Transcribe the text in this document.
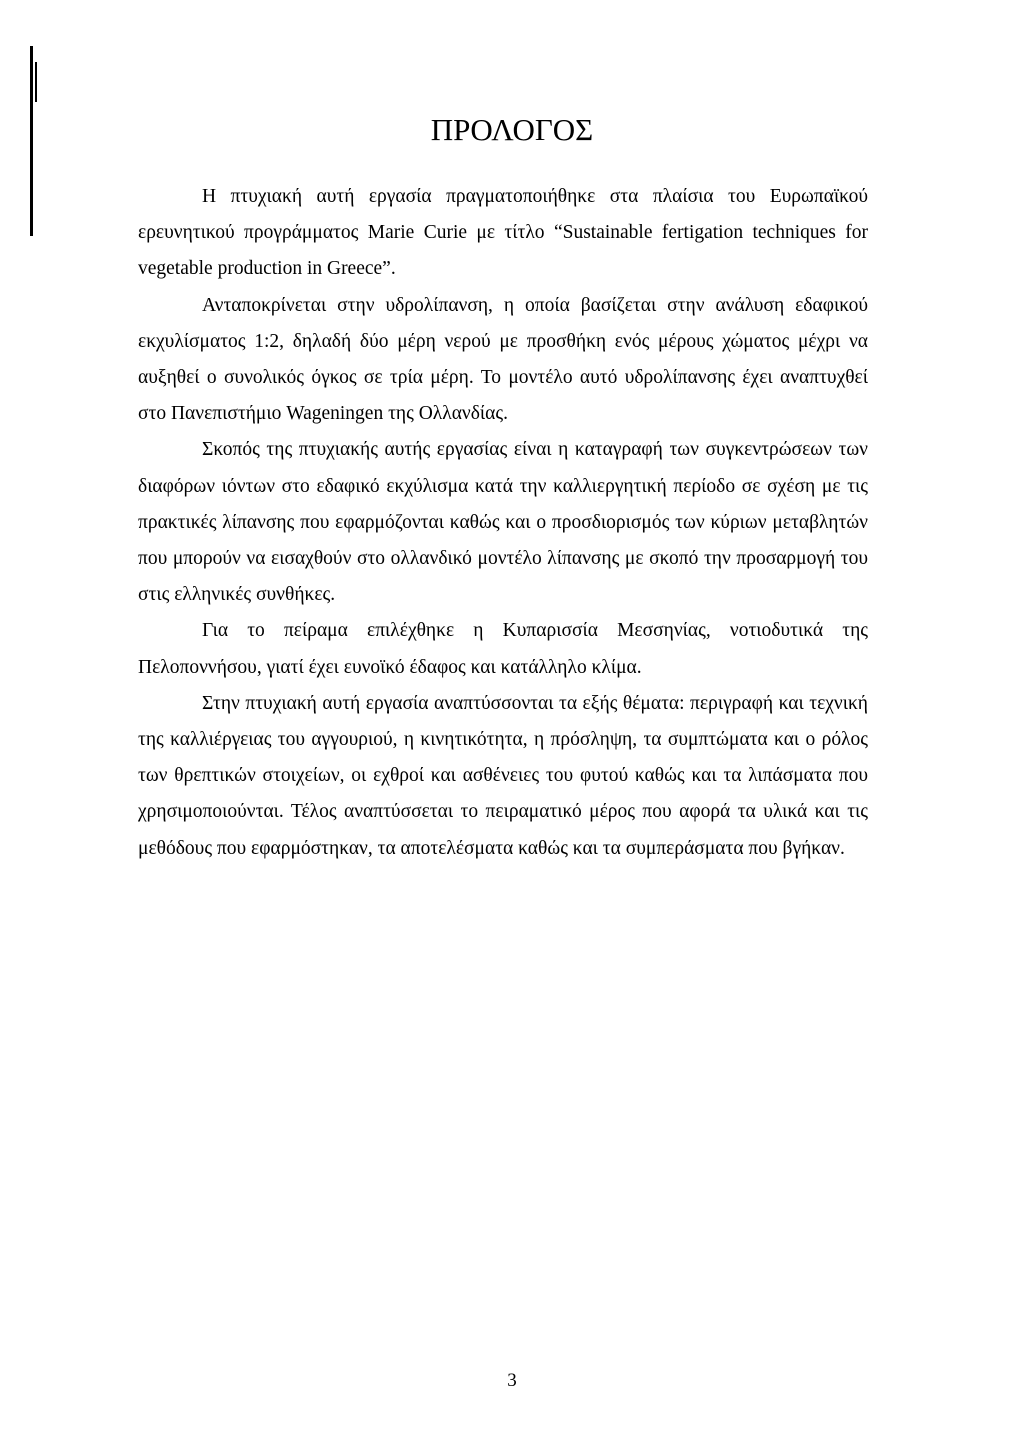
ΠΡΟΛΟΓΟΣ

Η πτυχιακή αυτή εργασία πραγματοποιήθηκε στα πλαίσια του Ευρωπαϊκού ερευνητικού προγράμματος Marie Curie με τίτλο “Sustainable fertigation techniques for vegetable production in Greece”.

Ανταποκρίνεται στην υδρολίπανση, η οποία βασίζεται στην ανάλυση εδαφικού εκχυλίσματος 1:2, δηλαδή δύο μέρη νερού με προσθήκη ενός μέρους χώματος μέχρι να αυξηθεί ο συνολικός όγκος σε τρία μέρη. Το μοντέλο αυτό υδρολίπανσης έχει αναπτυχθεί στο Πανεπιστήμιο Wageningen της Ολλανδίας.

Σκοπός της πτυχιακής αυτής εργασίας είναι η καταγραφή των συγκεντρώσεων των διαφόρων ιόντων στο εδαφικό εκχύλισμα κατά την καλλιεργητική περίοδο σε σχέση με τις πρακτικές λίπανσης που εφαρμόζονται καθώς και ο προσδιορισμός των κύριων μεταβλητών που μπορούν να εισαχθούν στο ολλανδικό μοντέλο λίπανσης με σκοπό την προσαρμογή του στις ελληνικές συνθήκες.

Για το πείραμα επιλέχθηκε η Κυπαρισσία Μεσσηνίας, νοτιοδυτικά της Πελοποννήσου, γιατί έχει ευνοϊκό έδαφος και κατάλληλο κλίμα.

Στην πτυχιακή αυτή εργασία αναπτύσσονται τα εξής θέματα: περιγραφή και τεχνική της καλλιέργειας του αγγουριού, η κινητικότητα, η πρόσληψη, τα συμπτώματα και ο ρόλος των θρεπτικών στοιχείων, οι εχθροί και ασθένειες του φυτού καθώς και τα λιπάσματα που χρησιμοποιούνται. Τέλος αναπτύσσεται το πειραματικό μέρος που αφορά τα υλικά και τις μεθόδους που εφαρμόστηκαν, τα αποτελέσματα καθώς και τα συμπεράσματα που βγήκαν.

3
